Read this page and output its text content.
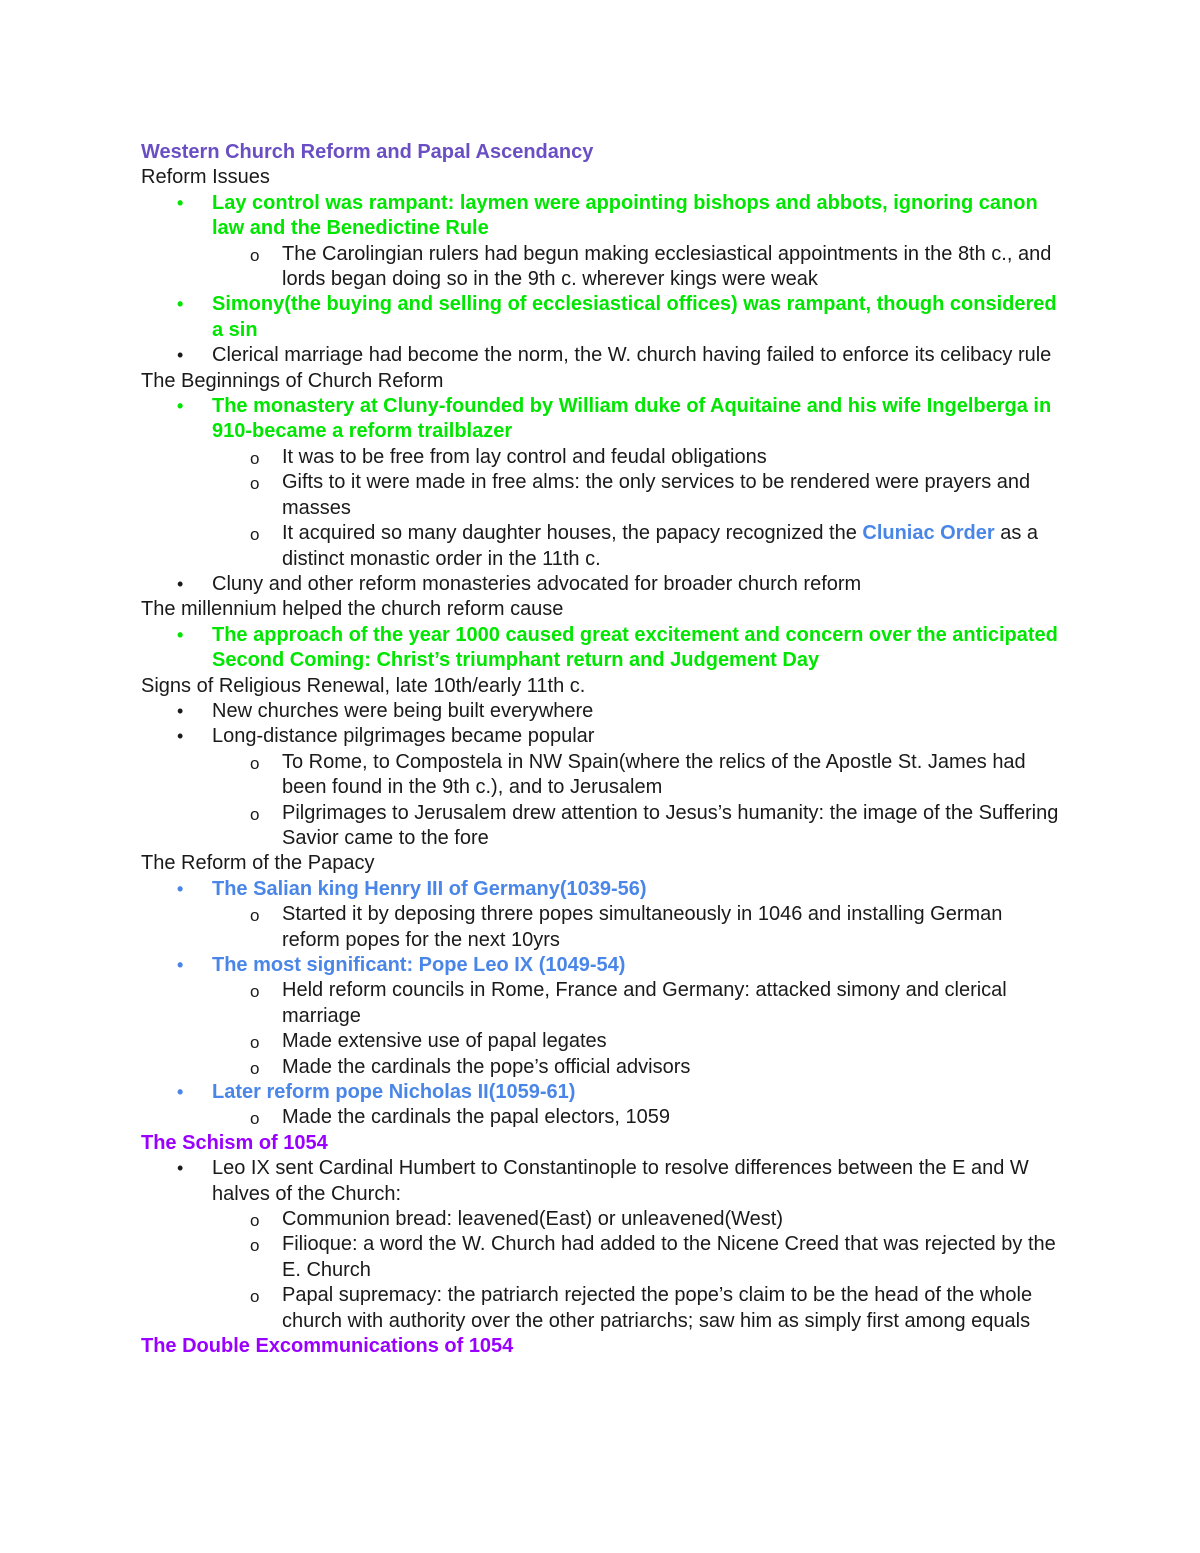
Western Church Reform and Papal Ascendancy
Reform Issues
• Lay control was rampant: laymen were appointing bishops and abbots, ignoring canon law and the Benedictine Rule
o The Carolingian rulers had begun making ecclesiastical appointments in the 8th c., and lords began doing so in the 9th c. wherever kings were weak
• Simony(the buying and selling of ecclesiastical offices) was rampant, though considered a sin
• Clerical marriage had become the norm, the W. church having failed to enforce its celibacy rule
The Beginnings of Church Reform
• The monastery at Cluny-founded by William duke of Aquitaine and his wife Ingelberga in 910-became a reform trailblazer
o It was to be free from lay control and feudal obligations
o Gifts to it were made in free alms: the only services to be rendered were prayers and masses
o It acquired so many daughter houses, the papacy recognized the Cluniac Order as a distinct monastic order in the 11th c.
• Cluny and other reform monasteries advocated for broader church reform
The millennium helped the church reform cause
• The approach of the year 1000 caused great excitement and concern over the anticipated Second Coming: Christ’s triumphant return and Judgement Day
Signs of Religious Renewal, late 10th/early 11th c.
• New churches were being built everywhere
• Long-distance pilgrimages became popular
o To Rome, to Compostela in NW Spain(where the relics of the Apostle St. James had been found in the 9th c.), and to Jerusalem
o Pilgrimages to Jerusalem drew attention to Jesus’s humanity: the image of the Suffering Savior came to the fore
The Reform of the Papacy
• The Salian king Henry III of Germany(1039-56)
o Started it by deposing threre popes simultaneously in 1046 and installing German reform popes for the next 10yrs
• The most significant: Pope Leo IX (1049-54)
o Held reform councils in Rome, France and Germany: attacked simony and clerical marriage
o Made extensive use of papal legates
o Made the cardinals the pope’s official advisors
• Later reform pope Nicholas II(1059-61)
o Made the cardinals the papal electors, 1059
The Schism of 1054
• Leo IX sent Cardinal Humbert to Constantinople to resolve differences between the E and W halves of the Church:
o Communion bread: leavened(East) or unleavened(West)
o Filioque: a word the W. Church had added to the Nicene Creed that was rejected by the E. Church
o Papal supremacy: the patriarch rejected the pope’s claim to be the head of the whole church with authority over the other patriarchs; saw him as simply first among equals
The Double Excommunications of 1054
